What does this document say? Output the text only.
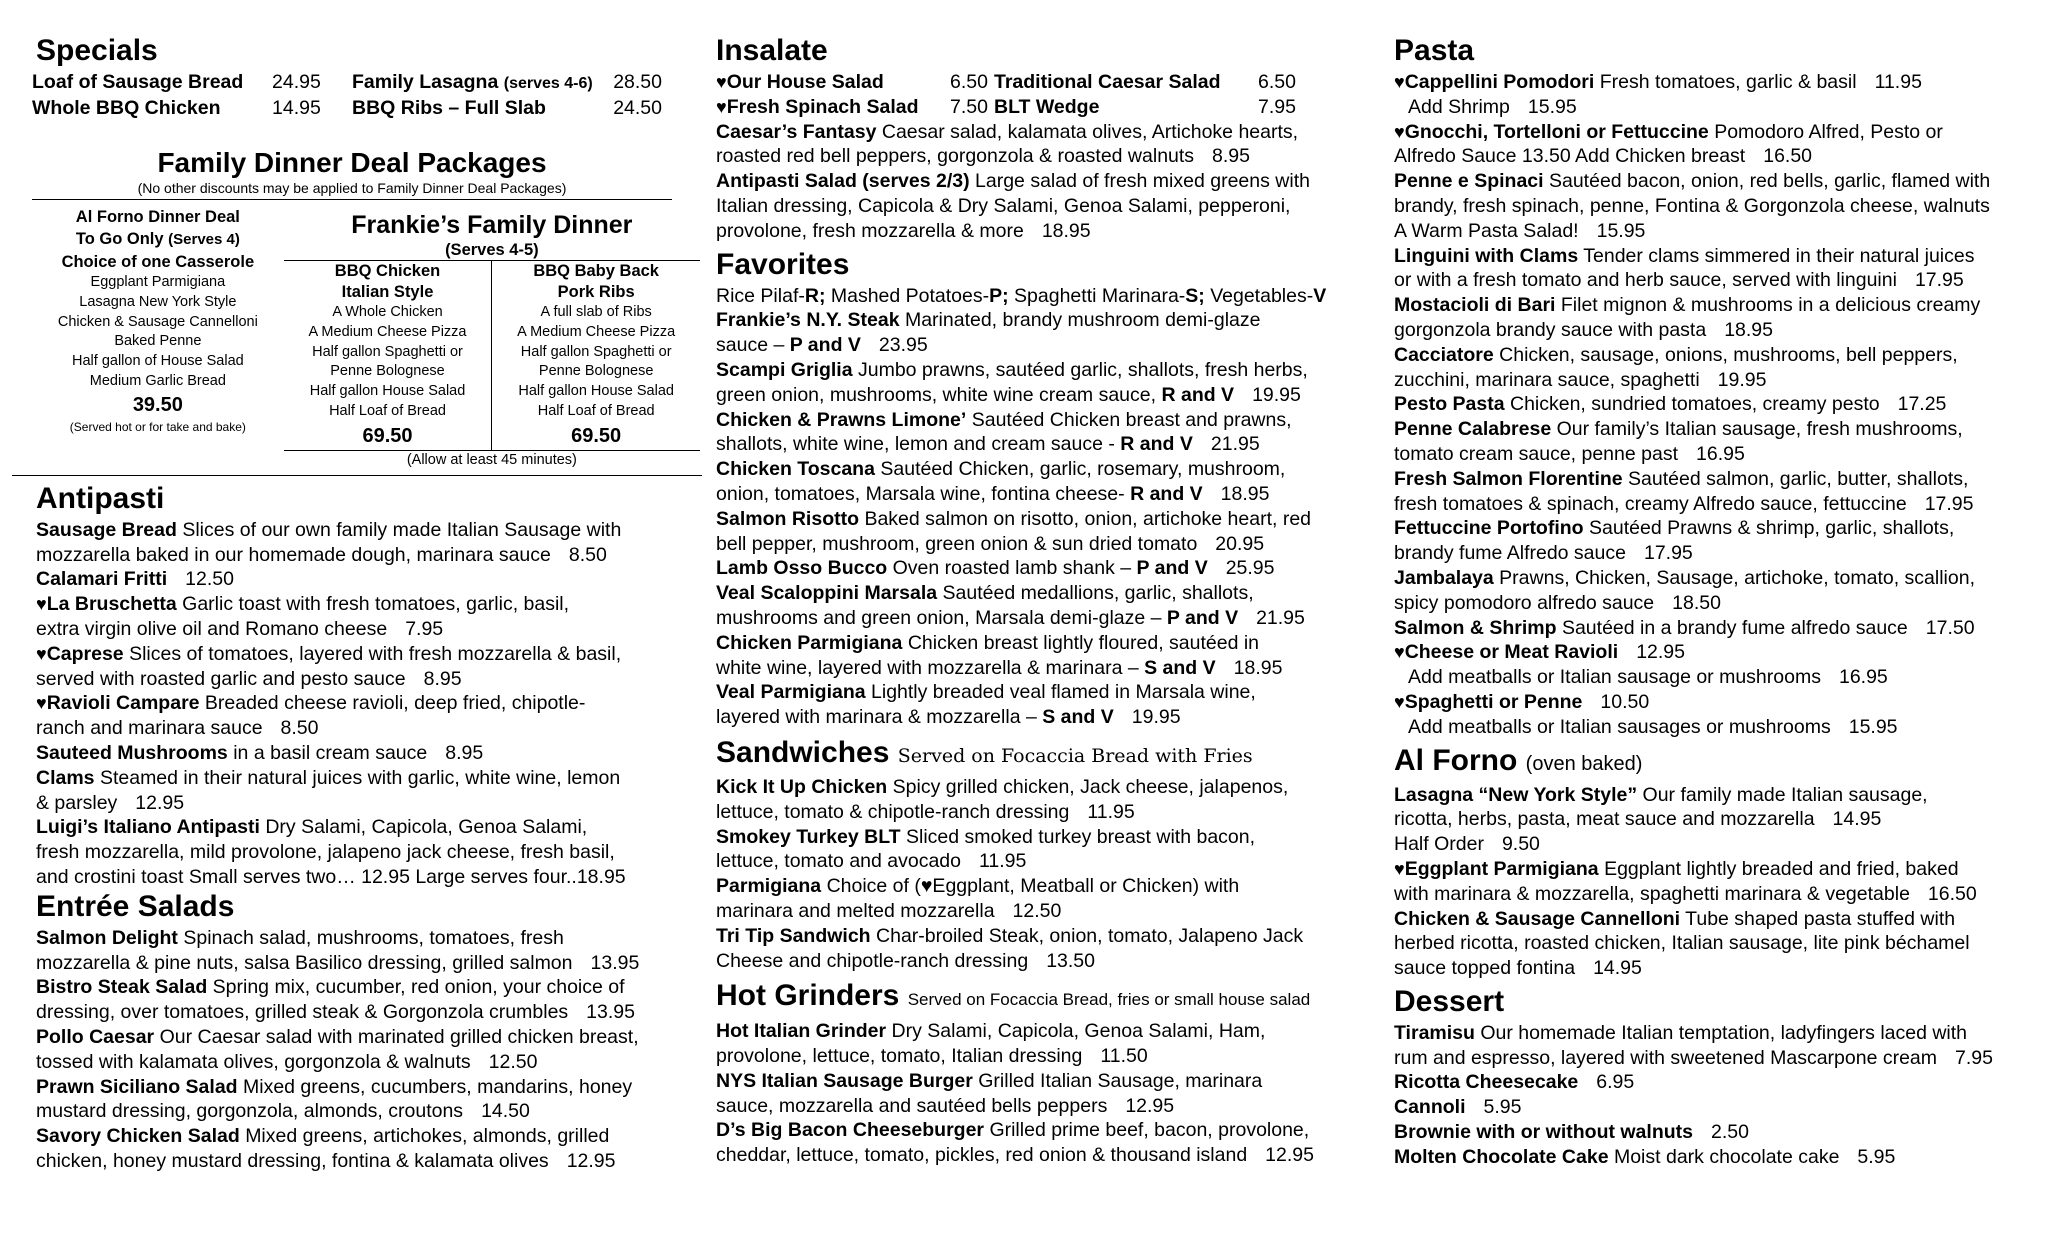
Specials
Loaf of Sausage Bread	24.95	Family Lasagna (serves 4-6)	28.50
Whole BBQ Chicken	14.95	BBQ Ribs – Full Slab	24.50
Family Dinner Deal Packages
(No other discounts may be applied to Family Dinner Deal Packages)
Al Forno Dinner Deal
To Go Only (Serves 4)
Choice of one Casserole
Eggplant Parmigiana
Lasagna New York Style
Chicken & Sausage Cannelloni
Baked Penne
Half gallon of House Salad
Medium Garlic Bread
39.50
(Served hot or for take and bake)
Frankie’s Family Dinner
(Serves 4-5)
BBQ Chicken
Italian Style
A Whole Chicken
A Medium Cheese Pizza
Half gallon Spaghetti or
Penne Bolognese
Half gallon House Salad
Half Loaf of Bread
69.50
BBQ Baby Back
Pork Ribs
A full slab of Ribs
A Medium Cheese Pizza
Half gallon Spaghetti or
Penne Bolognese
Half gallon House Salad
Half Loaf of Bread
69.50
(Allow at least 45 minutes)
Antipasti
Sausage Bread Slices of our own family made Italian Sausage with
mozzarella baked in our homemade dough, marinara sauce 8.50
Calamari Fritti 12.50
♥La Bruschetta Garlic toast with fresh tomatoes, garlic, basil,
extra virgin olive oil and Romano cheese 7.95
♥Caprese Slices of tomatoes, layered with fresh mozzarella & basil,
served with roasted garlic and pesto sauce 8.95
♥Ravioli Campare Breaded cheese ravioli, deep fried, chipotle-
ranch and marinara sauce 8.50
Sauteed Mushrooms in a basil cream sauce 8.95
Clams Steamed in their natural juices with garlic, white wine, lemon
& parsley 12.95
Luigi’s Italiano Antipasti Dry Salami, Capicola, Genoa Salami,
fresh mozzarella, mild provolone, jalapeno jack cheese, fresh basil,
and crostini toast Small serves two… 12.95 Large serves four..18.95
Entrée Salads
Salmon Delight Spinach salad, mushrooms, tomatoes, fresh
mozzarella & pine nuts, salsa Basilico dressing, grilled salmon 13.95
Bistro Steak Salad Spring mix, cucumber, red onion, your choice of
dressing, over tomatoes, grilled steak & Gorgonzola crumbles 13.95
Pollo Caesar Our Caesar salad with marinated grilled chicken breast,
tossed with kalamata olives, gorgonzola & walnuts 12.50
Prawn Siciliano Salad Mixed greens, cucumbers, mandarins, honey
mustard dressing, gorgonzola, almonds, croutons 14.50
Savory Chicken Salad Mixed greens, artichokes, almonds, grilled
chicken, honey mustard dressing, fontina & kalamata olives 12.95
Insalate
♥Our House Salad	6.50 Traditional Caesar Salad	6.50
♥Fresh Spinach Salad	7.50 BLT Wedge	7.95
Caesar’s Fantasy Caesar salad, kalamata olives, Artichoke hearts,
roasted red bell peppers, gorgonzola & roasted walnuts 8.95
Antipasti Salad (serves 2/3) Large salad of fresh mixed greens with
Italian dressing, Capicola & Dry Salami, Genoa Salami, pepperoni,
provolone, fresh mozzarella & more 18.95
Favorites
Rice Pilaf-R; Mashed Potatoes-P; Spaghetti Marinara-S; Vegetables-V
Frankie’s N.Y. Steak Marinated, brandy mushroom demi-glaze
sauce – P and V 23.95
Scampi Griglia Jumbo prawns, sautéed garlic, shallots, fresh herbs,
green onion, mushrooms, white wine cream sauce, R and V 19.95
Chicken & Prawns Limone’ Sautéed Chicken breast and prawns,
shallots, white wine, lemon and cream sauce - R and V 21.95
Chicken Toscana Sautéed Chicken, garlic, rosemary, mushroom,
onion, tomatoes, Marsala wine, fontina cheese- R and V 18.95
Salmon Risotto Baked salmon on risotto, onion, artichoke heart, red
bell pepper, mushroom, green onion & sun dried tomato 20.95
Lamb Osso Bucco Oven roasted lamb shank – P and V 25.95
Veal Scaloppini Marsala Sautéed medallions, garlic, shallots,
mushrooms and green onion, Marsala demi-glaze – P and V 21.95
Chicken Parmigiana Chicken breast lightly floured, sautéed in
white wine, layered with mozzarella & marinara – S and V 18.95
Veal Parmigiana Lightly breaded veal flamed in Marsala wine,
layered with marinara & mozzarella – S and V 19.95
Sandwiches Served on Focaccia Bread with Fries
Kick It Up Chicken Spicy grilled chicken, Jack cheese, jalapenos,
lettuce, tomato & chipotle-ranch dressing 11.95
Smokey Turkey BLT Sliced smoked turkey breast with bacon,
lettuce, tomato and avocado 11.95
Parmigiana Choice of (♥Eggplant, Meatball or Chicken) with
marinara and melted mozzarella 12.50
Tri Tip Sandwich Char-broiled Steak, onion, tomato, Jalapeno Jack
Cheese and chipotle-ranch dressing 13.50
Hot Grinders Served on Focaccia Bread, fries or small house salad
Hot Italian Grinder Dry Salami, Capicola, Genoa Salami, Ham,
provolone, lettuce, tomato, Italian dressing 11.50
NYS Italian Sausage Burger Grilled Italian Sausage, marinara
sauce, mozzarella and sautéed bells peppers 12.95
D’s Big Bacon Cheeseburger Grilled prime beef, bacon, provolone,
cheddar, lettuce, tomato, pickles, red onion & thousand island 12.95
Pasta
♥Cappellini Pomodori Fresh tomatoes, garlic & basil 11.95
Add Shrimp 15.95
♥Gnocchi, Tortelloni or Fettuccine Pomodoro Alfred, Pesto or
Alfredo Sauce 13.50 Add Chicken breast 16.50
Penne e Spinaci Sautéed bacon, onion, red bells, garlic, flamed with
brandy, fresh spinach, penne, Fontina & Gorgonzola cheese, walnuts
A Warm Pasta Salad! 15.95
Linguini with Clams Tender clams simmered in their natural juices
or with a fresh tomato and herb sauce, served with linguini 17.95
Mostacioli di Bari Filet mignon & mushrooms in a delicious creamy
gorgonzola brandy sauce with pasta 18.95
Cacciatore Chicken, sausage, onions, mushrooms, bell peppers,
zucchini, marinara sauce, spaghetti 19.95
Pesto Pasta Chicken, sundried tomatoes, creamy pesto 17.25
Penne Calabrese Our family’s Italian sausage, fresh mushrooms,
tomato cream sauce, penne past 16.95
Fresh Salmon Florentine Sautéed salmon, garlic, butter, shallots,
fresh tomatoes & spinach, creamy Alfredo sauce, fettuccine 17.95
Fettuccine Portofino Sautéed Prawns & shrimp, garlic, shallots,
brandy fume Alfredo sauce 17.95
Jambalaya Prawns, Chicken, Sausage, artichoke, tomato, scallion,
spicy pomodoro alfredo sauce 18.50
Salmon & Shrimp Sautéed in a brandy fume alfredo sauce 17.50
♥Cheese or Meat Ravioli 12.95
Add meatballs or Italian sausage or mushrooms 16.95
♥Spaghetti or Penne 10.50
Add meatballs or Italian sausages or mushrooms 15.95
Al Forno (oven baked)
Lasagna “New York Style” Our family made Italian sausage,
ricotta, herbs, pasta, meat sauce and mozzarella 14.95
Half Order 9.50
♥Eggplant Parmigiana Eggplant lightly breaded and fried, baked
with marinara & mozzarella, spaghetti marinara & vegetable 16.50
Chicken & Sausage Cannelloni Tube shaped pasta stuffed with
herbed ricotta, roasted chicken, Italian sausage, lite pink béchamel
sauce topped fontina 14.95
Dessert
Tiramisu Our homemade Italian temptation, ladyfingers laced with
rum and espresso, layered with sweetened Mascarpone cream 7.95
Ricotta Cheesecake 6.95
Cannoli 5.95
Brownie with or without walnuts 2.50
Molten Chocolate Cake Moist dark chocolate cake 5.95
